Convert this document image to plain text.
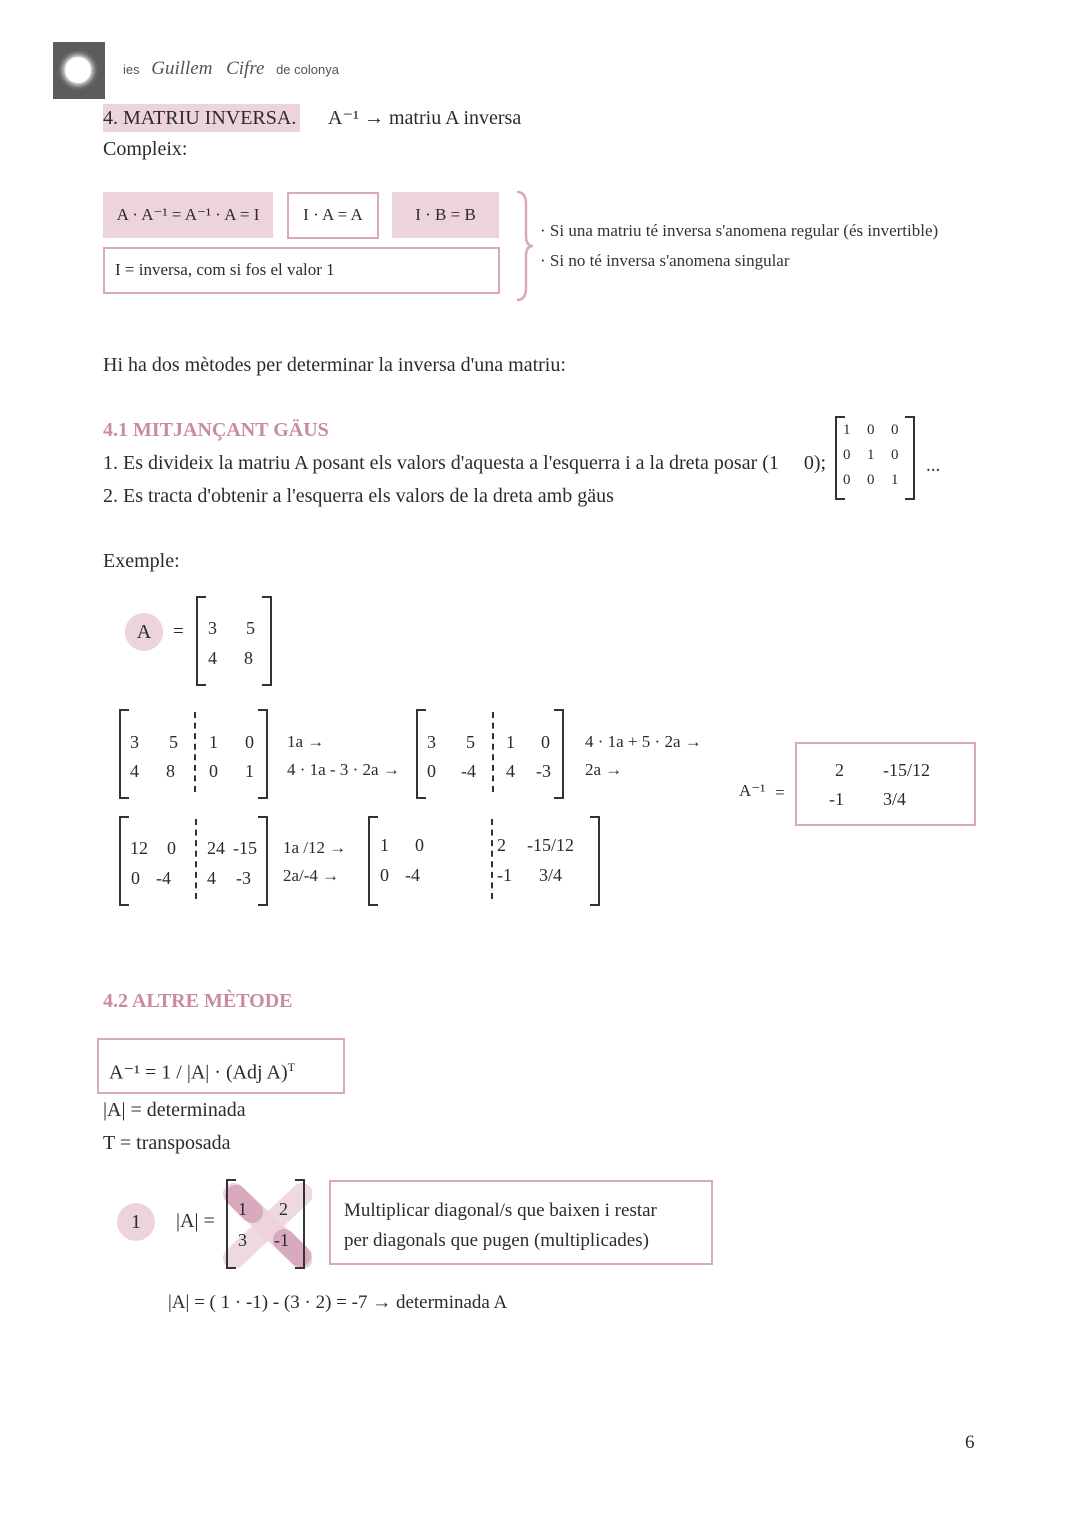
ies Guillem Cifre de colonya
4. MATRIU INVERSA. A⁻¹ → matriu A inversa
Compleix:
A · A⁻¹ = A⁻¹ · A = I	I · A = A	I · B = B
I = inversa, com si fos el valor 1
· Si una matriu té inversa s'anomena regular (és invertible)
· Si no té inversa s'anomena singular
Hi ha dos mètodes per determinar la inversa d'una matriu:
4.1 MITJANÇANT GÄUS
1. Es divideix la matriu A posant els valors d'aquesta a l'esquerra i a la dreta posar (1     0);
2. Es tracta d'obtenir a l'esquerra els valors de la dreta amb gäus
1 0 0
0 1 0
0 0 1
...
Exemple:
A	= 3 5
4 8
3 5 1 0
4 8 0 1
1a →
4 · 1a - 3 · 2a →
3 5 1 0
0 -4 4 -3
4 · 1a + 5 · 2a →
2a →
A⁻¹ =
2 -15/12
-1 3/4
12 0 24 -15
0 -4 4 -3
1a /12 →
2a/-4 →
1 0	2 -15/12
0 -4	-1 3/4
4.2 ALTRE MÈTODE
A⁻¹ = 1 / |A| · (Adj A)$^T$
|A| = determinada
T = transposada
1	|A| =
1 2
3 -1
Multiplicar diagonal/s que baixen i restar
per diagonals que pugen (multiplicades)
|A| = ( 1 · -1) - (3 · 2) = -7 → determinada A
6
